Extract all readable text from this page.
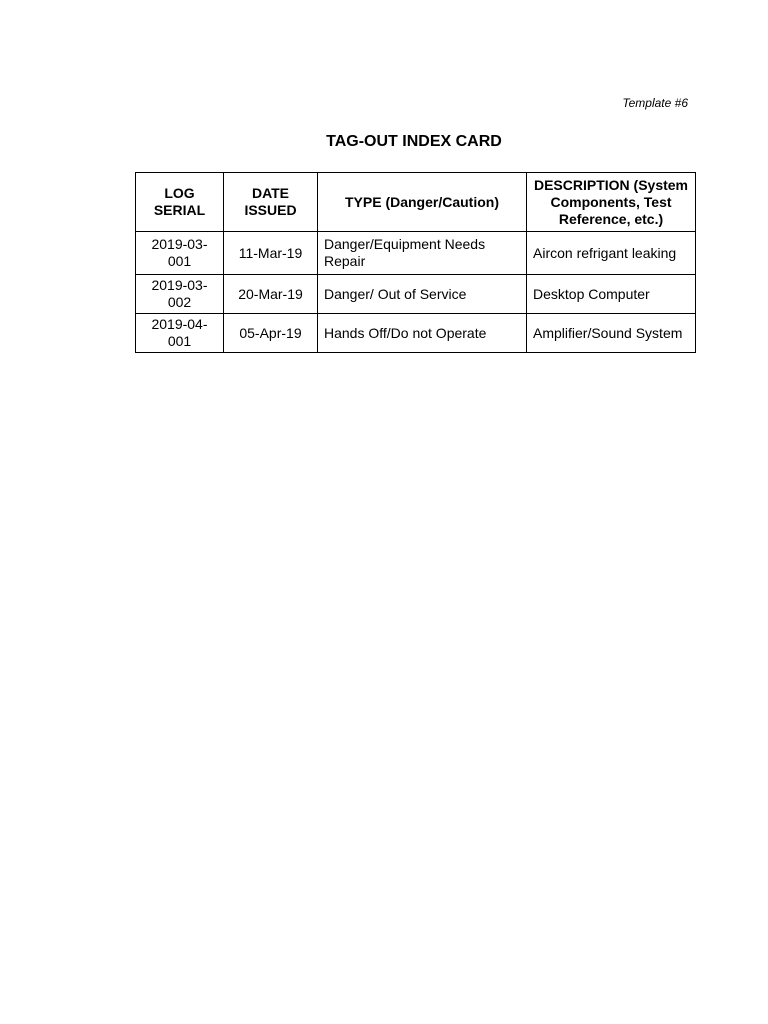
Template #6
TAG-OUT INDEX CARD
LOG SERIAL	DATE ISSUED	TYPE (Danger/Caution)	DESCRIPTION (System Components, Test Reference, etc.)
2019-03-001	11-Mar-19	Danger/Equipment Needs Repair	Aircon refrigant leaking
2019-03-002	20-Mar-19	Danger/ Out of Service	Desktop Computer
2019-04-001	05-Apr-19	Hands Off/Do not Operate	Amplifier/Sound System
